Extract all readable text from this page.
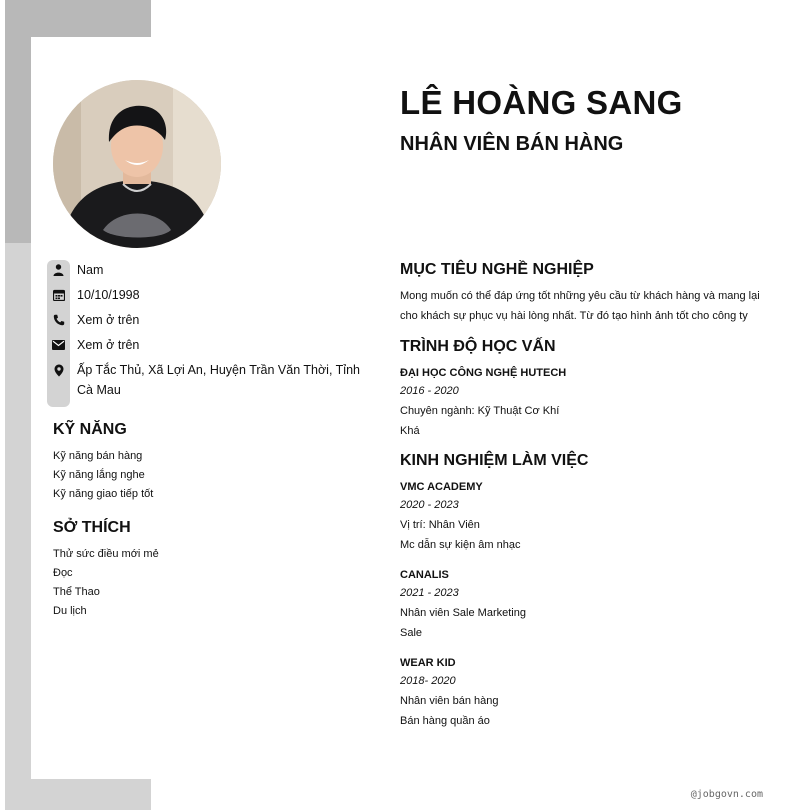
LÊ HOÀNG SANG
NHÂN VIÊN BÁN HÀNG
Nam
10/10/1998
Xem ở trên
Xem ở trên
Ấp Tắc Thủ, Xã Lợi An, Huyện Trần Văn Thời, Tỉnh Cà Mau
KỸ NĂNG
Kỹ năng bán hàng
Kỹ năng lắng nghe
Kỹ năng giao tiếp tốt
SỞ THÍCH
Thử sức điều mới mẻ
Đọc
Thể Thao
Du lịch
MỤC TIÊU NGHỀ NGHIỆP

Mong muốn có thể đáp ứng tốt những yêu cầu từ khách hàng và mang lại cho khách sự phục vụ hài lòng nhất. Từ đó tạo hình ảnh tốt cho công ty

TRÌNH ĐỘ HỌC VẤN
ĐẠI HỌC CÔNG NGHỆ HUTECH
2016 - 2020
Chuyên ngành: Kỹ Thuật Cơ Khí
Khá
KINH NGHIỆM LÀM VIỆC
VMC ACADEMY
2020 - 2023
Vị trí: Nhân Viên
Mc dẫn sự kiện âm nhạc
CANALIS
2021 - 2023
Nhân viên Sale Marketing
Sale
WEAR KID
2018- 2020
Nhân viên bán hàng
Bán hàng quần áo
@jobgovn.com
